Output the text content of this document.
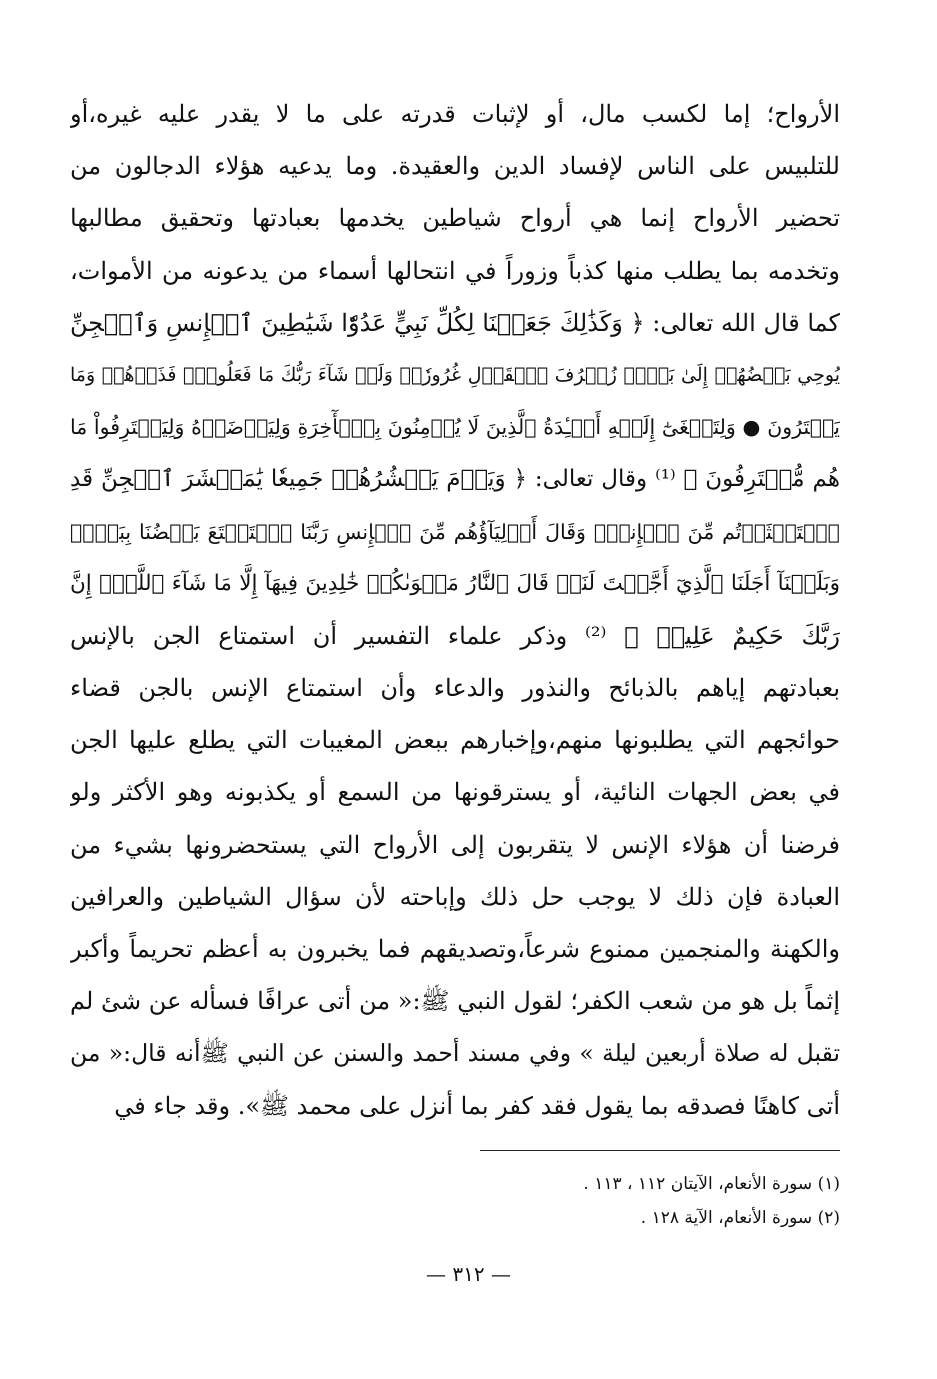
الأرواح؛ إما لكسب مال، أو لإثبات قدرته على ما لا يقدر عليه غيره،أو
للتلبيس على الناس لإفساد الدين والعقيدة. وما يدعيه هؤلاء الدجالون من
تحضير الأرواح إنما هي أرواح شياطين يخدمها بعبادتها وتحقيق مطالبها
وتخدمه بما يطلب منها كذباً وزوراً في انتحالها أسماء من يدعونه من الأموات،
كما قال الله تعالى: ﴿ وَكَذَٰلِكَ جَعَلۡنَا لِكُلِّ نَبِيٍّ عَدُوّٗا شَيَٰطِينَ ٱلۡإِنسِ وَٱلۡجِنِّ
يُوحِي بَعۡضُهُمۡ إِلَىٰ بَعۡضٖ زُخۡرُفَ ٱلۡقَوۡلِ غُرُورٗاۚ وَلَوۡ شَآءَ رَبُّكَ مَا فَعَلُوهُۖ فَذَرۡهُمۡ وَمَا
يَفۡتَرُونَ ● وَلِتَصۡغَىٰٓ إِلَيۡهِ أَفۡـِٔدَةُ ٱلَّذِينَ لَا يُؤۡمِنُونَ بِٱلۡأٓخِرَةِ وَلِيَرۡضَوۡهُ وَلِيَقۡتَرِفُواْ مَا
هُم مُّقۡتَرِفُونَ ﴾ ⁽¹⁾ وقال تعالى: ﴿ وَيَوۡمَ يَحۡشُرُهُمۡ جَمِيعٗا يَٰمَعۡشَرَ ٱلۡجِنِّ قَدِ
ٱسۡتَكۡثَرۡتُم مِّنَ ٱلۡإِنسِۖ وَقَالَ أَوۡلِيَآؤُهُم مِّنَ ٱلۡإِنسِ رَبَّنَا ٱسۡتَمۡتَعَ بَعۡضُنَا بِبَعۡضٖ
وَبَلَغۡنَآ أَجَلَنَا ٱلَّذِيٓ أَجَّلۡتَ لَنَاۚ قَالَ ٱلنَّارُ مَثۡوَىٰكُمۡ خَٰلِدِينَ فِيهَآ إِلَّا مَا شَآءَ ٱللَّهُۚ إِنَّ
رَبَّكَ حَكِيمٌ عَلِيمٞ ﴾ ⁽²⁾ وذكر علماء التفسير أن استمتاع الجن بالإنس
بعبادتهم إياهم بالذبائح والنذور والدعاء وأن استمتاع الإنس بالجن قضاء
حوائجهم التي يطلبونها منهم،وإخبارهم ببعض المغيبات التي يطلع عليها الجن
في بعض الجهات النائية، أو يسترقونها من السمع أو يكذبونه وهو الأكثر ولو
فرضنا أن هؤلاء الإنس لا يتقربون إلى الأرواح التي يستحضرونها بشيء من
العبادة فإن ذلك لا يوجب حل ذلك وإباحته لأن سؤال الشياطين والعرافين
والكهنة والمنجمين ممنوع شرعاً،وتصديقهم فما يخبرون به أعظم تحريماً وأكبر
إثماً بل هو من شعب الكفر؛ لقول النبي ﷺ:« من أتى عرافًا فسأله عن شئ لم
تقبل له صلاة أربعين ليلة » وفي مسند أحمد والسنن عن النبي ﷺأنه قال:« من
أتى كاهنًا فصدقه بما يقول فقد كفر بما أنزل على محمد ﷺ». وقد جاء في
(١) سورة الأنعام، الآيتان ١١٢ ، ١١٣ .
(٢) سورة الأنعام، الآية ١٢٨ .
— ٣١٢ —
